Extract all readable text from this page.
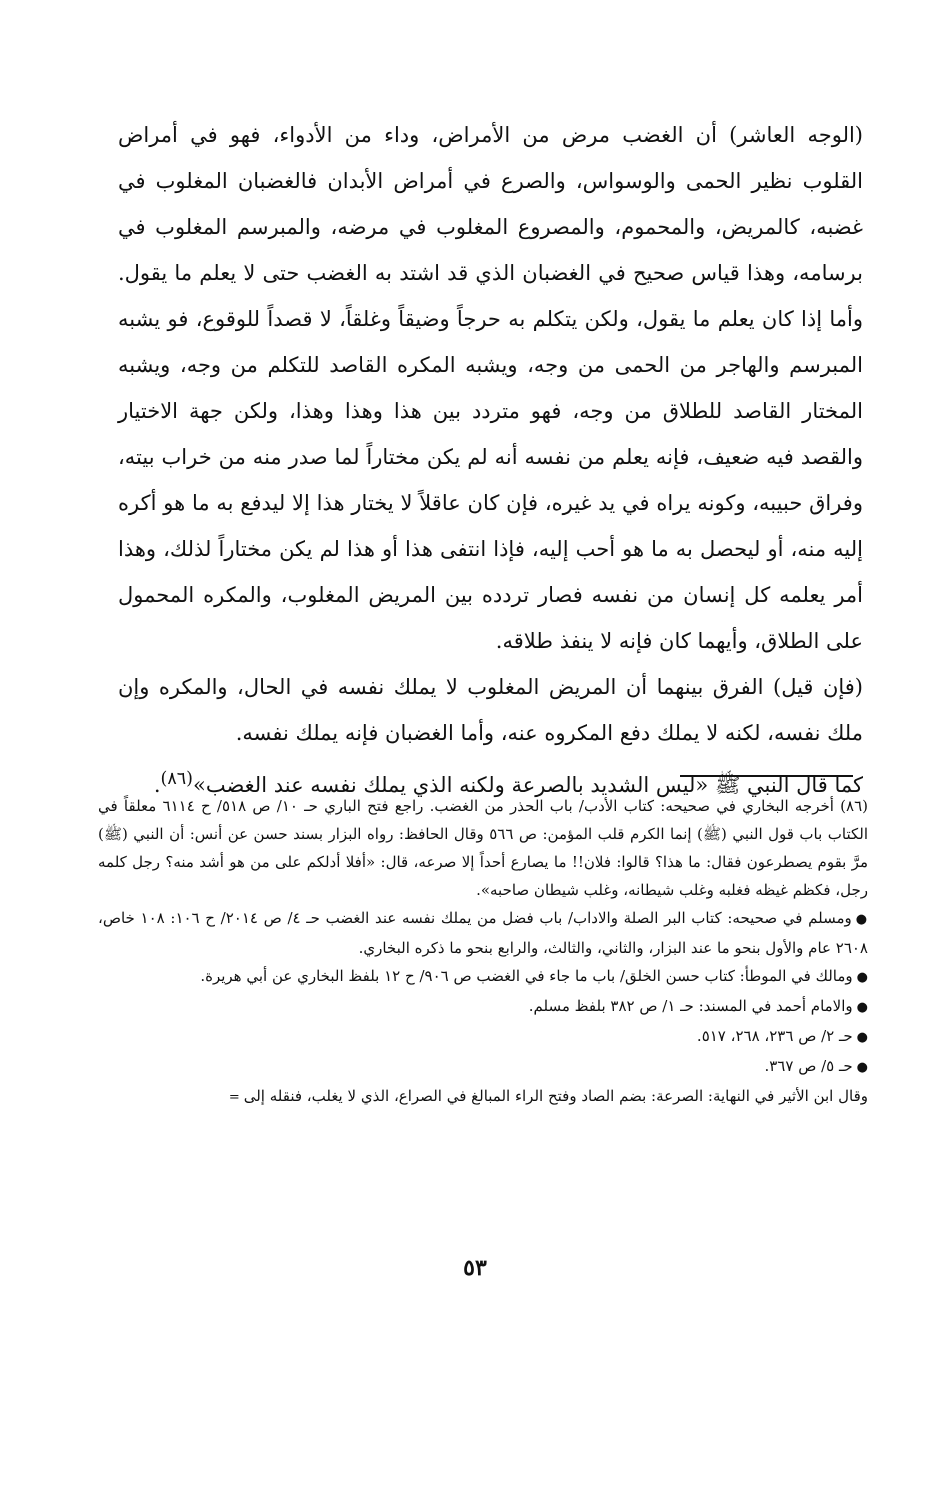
(الوجه العاشر) أن الغضب مرض من الأمراض، وداء من الأدواء، فهو في أمراض القلوب نظير الحمى والوسواس، والصرع في أمراض الأبدان فالغضبان المغلوب في غضبه، كالمريض، والمحموم، والمصروع المغلوب في مرضه، والمبرسم المغلوب في برسامه، وهذا قياس صحيح في الغضبان الذي قد اشتد به الغضب حتى لا يعلم ما يقول. وأما إذا كان يعلم ما يقول، ولكن يتكلم به حرجاً وضيقاً وغلقاً، لا قصداً للوقوع، فو يشبه المبرسم والهاجر من الحمى من وجه، ويشبه المكره القاصد للتكلم من وجه، ويشبه المختار القاصد للطلاق من وجه، فهو متردد بين هذا وهذا وهذا، ولكن جهة الاختيار والقصد فيه ضعيف، فإنه يعلم من نفسه أنه لم يكن مختاراً لما صدر منه من خراب بيته، وفراق حبيبه، وكونه يراه في يد غيره، فإن كان عاقلاً لا يختار هذا إلا ليدفع به ما هو أكره إليه منه، أو ليحصل به ما هو أحب إليه، فإذا انتفى هذا أو هذا لم يكن مختاراً لذلك، وهذا أمر يعلمه كل إنسان من نفسه فصار تردده بين المريض المغلوب، والمكره المحمول على الطلاق، وأيهما كان فإنه لا ينفذ طلاقه.

(فإن قيل) الفرق بينهما أن المريض المغلوب لا يملك نفسه في الحال، والمكره وإن ملك نفسه، لكنه لا يملك دفع المكروه عنه، وأما الغضبان فإنه يملك نفسه.

كما قال النبي ﷺ «ليس الشديد بالصرعة ولكنه الذي يملك نفسه عند الغضب»$^{(٨٦)}$.

(٨٦) أخرجه البخاري في صحيحه: كتاب الأدب/ باب الحذر من الغضب. راجع فتح الباري حـ ١٠/ ص ٥١٨/ ح ٦١١٤ معلقاً في الكتاب باب قول النبي (ﷺ) إنما الكرم قلب المؤمن: ص ٥٦٦ وقال الحافظ: رواه البزار بسند حسن عن أنس: أن النبي (ﷺ) مرَّ بقوم يصطرعون فقال: ما هذا؟ قالوا: فلان!! ما يصارع أحداً إلا صرعه، قال: «أفلا أدلكم على من هو أشد منه؟ رجل كلمه رجل، فكظم غيظه فغلبه وغلب شيطانه، وغلب شيطان صاحبه».

●ومسلم في صحيحه: كتاب البر الصلة والاداب/ باب فضل من يملك نفسه عند الغضب حـ ٤/ ص ٢٠١٤/ ح ١٠٦: ١٠٨ خاص، ٢٦٠٨ عام والأول بنحو ما عند البزار، والثاني، والثالث، والرابع بنحو ما ذكره البخاري.

●ومالك في الموطأ: كتاب حسن الخلق/ باب ما جاء في الغضب ص ٩٠٦/ ح ١٢ بلفظ البخاري عن أبي هريرة.

●والامام أحمد في المسند: حـ ١/ ص ٣٨٢ بلفظ مسلم.

●حـ ٢/ ص ٢٣٦، ٢٦٨، ٥١٧.

●حـ ٥/ ص ٣٦٧.

وقال ابن الأثير في النهاية: الصرعة: بضم الصاد وفتح الراء المبالغ في الصراع، الذي لا يغلب، فنقله إلى=

٥٣
